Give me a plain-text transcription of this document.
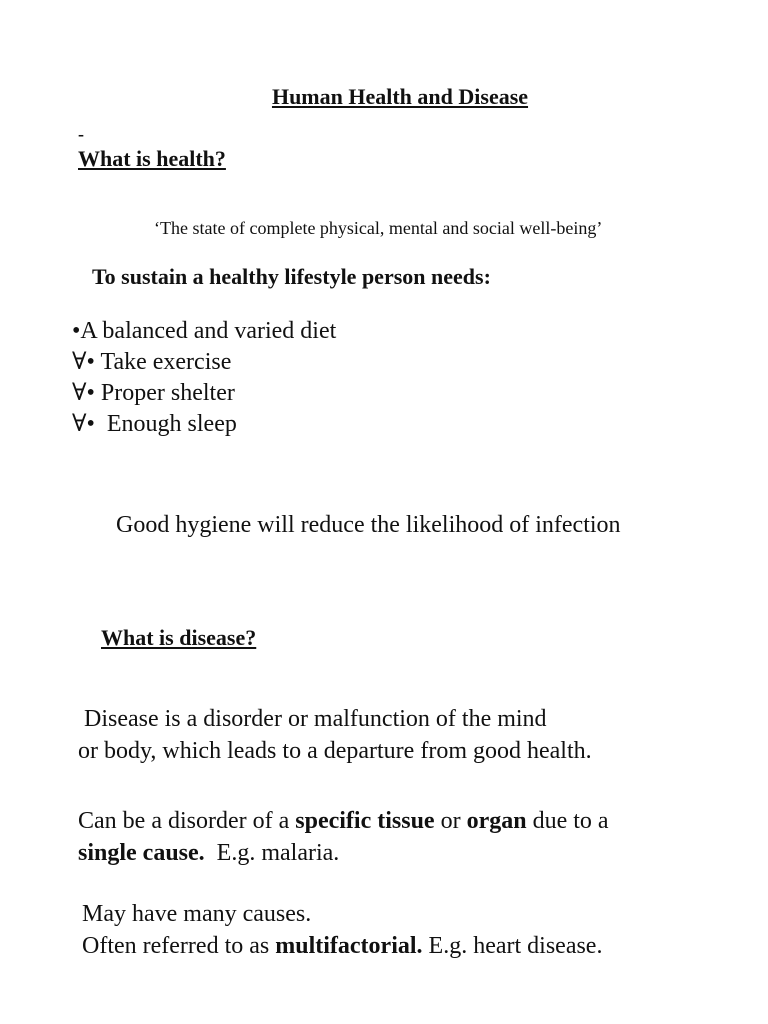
Human Health and Disease
-
What is health?
‘The state of complete physical, mental and social well-being’
To sustain a healthy lifestyle person needs:
•A balanced and varied diet
∀• Take exercise
∀• Proper shelter
∀•  Enough sleep
Good hygiene will reduce the likelihood of infection
What is disease?
Disease is a disorder or malfunction of the mind
or body, which leads to a departure from good health.
Can be a disorder of a specific tissue or organ due to a
single cause.  E.g. malaria.
May have many causes.
Often referred to as multifactorial. E.g. heart disease.
